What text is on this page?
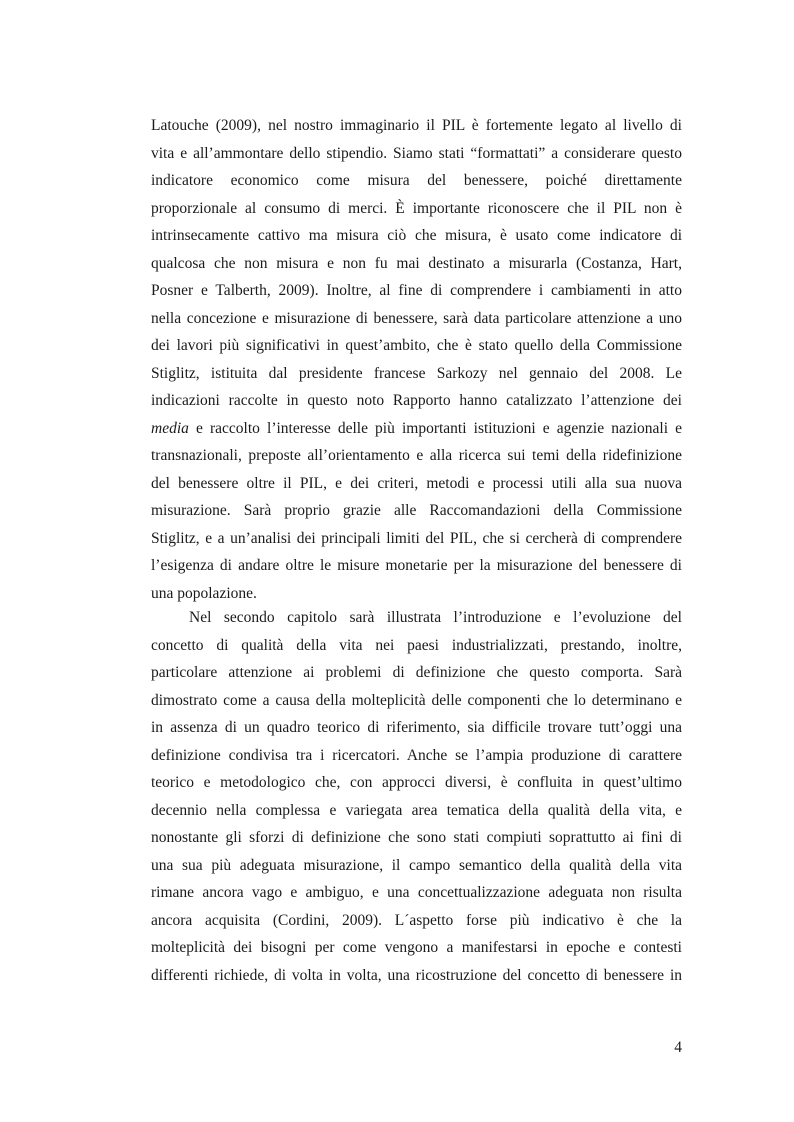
Latouche (2009), nel nostro immaginario il PIL è fortemente legato al livello di
vita e all’ammontare dello stipendio. Siamo stati “formattati” a considerare questo
indicatore economico come misura del benessere, poiché direttamente
proporzionale al consumo di merci. È importante riconoscere che il PIL non è
intrinsecamente cattivo ma misura ciò che misura, è usato come indicatore di
qualcosa che non misura e non fu mai destinato a misurarla (Costanza, Hart,
Posner e Talberth, 2009). Inoltre, al fine di comprendere i cambiamenti in atto
nella concezione e misurazione di benessere, sarà data particolare attenzione a uno
dei lavori più significativi in quest’ambito, che è stato quello della Commissione
Stiglitz, istituita dal presidente francese Sarkozy nel gennaio del 2008. Le
indicazioni raccolte in questo noto Rapporto hanno catalizzato l’attenzione dei
media e raccolto l’interesse delle più importanti istituzioni e agenzie nazionali e
transnazionali, preposte all’orientamento e alla ricerca sui temi della ridefinizione
del benessere oltre il PIL, e dei criteri, metodi e processi utili alla sua nuova
misurazione. Sarà proprio grazie alle Raccomandazioni della Commissione
Stiglitz, e a un’analisi dei principali limiti del PIL, che si cercherà di comprendere
l’esigenza di andare oltre le misure monetarie per la misurazione del benessere di
una popolazione.
Nel secondo capitolo sarà illustrata l’introduzione e l’evoluzione del
concetto di qualità della vita nei paesi industrializzati, prestando, inoltre,
particolare attenzione ai problemi di definizione che questo comporta. Sarà
dimostrato come a causa della molteplicità delle componenti che lo determinano e
in assenza di un quadro teorico di riferimento, sia difficile trovare tutt’oggi una
definizione condivisa tra i ricercatori. Anche se l’ampia produzione di carattere
teorico e metodologico che, con approcci diversi, è confluita in quest’ultimo
decennio nella complessa e variegata area tematica della qualità della vita, e
nonostante gli sforzi di definizione che sono stati compiuti soprattutto ai fini di
una sua più adeguata misurazione, il campo semantico della qualità della vita
rimane ancora vago e ambiguo, e una concettualizzazione adeguata non risulta
ancora acquisita (Cordini, 2009). L´aspetto forse più indicativo è che la
molteplicità dei bisogni per come vengono a manifestarsi in epoche e contesti
differenti richiede, di volta in volta, una ricostruzione del concetto di benessere in
4
